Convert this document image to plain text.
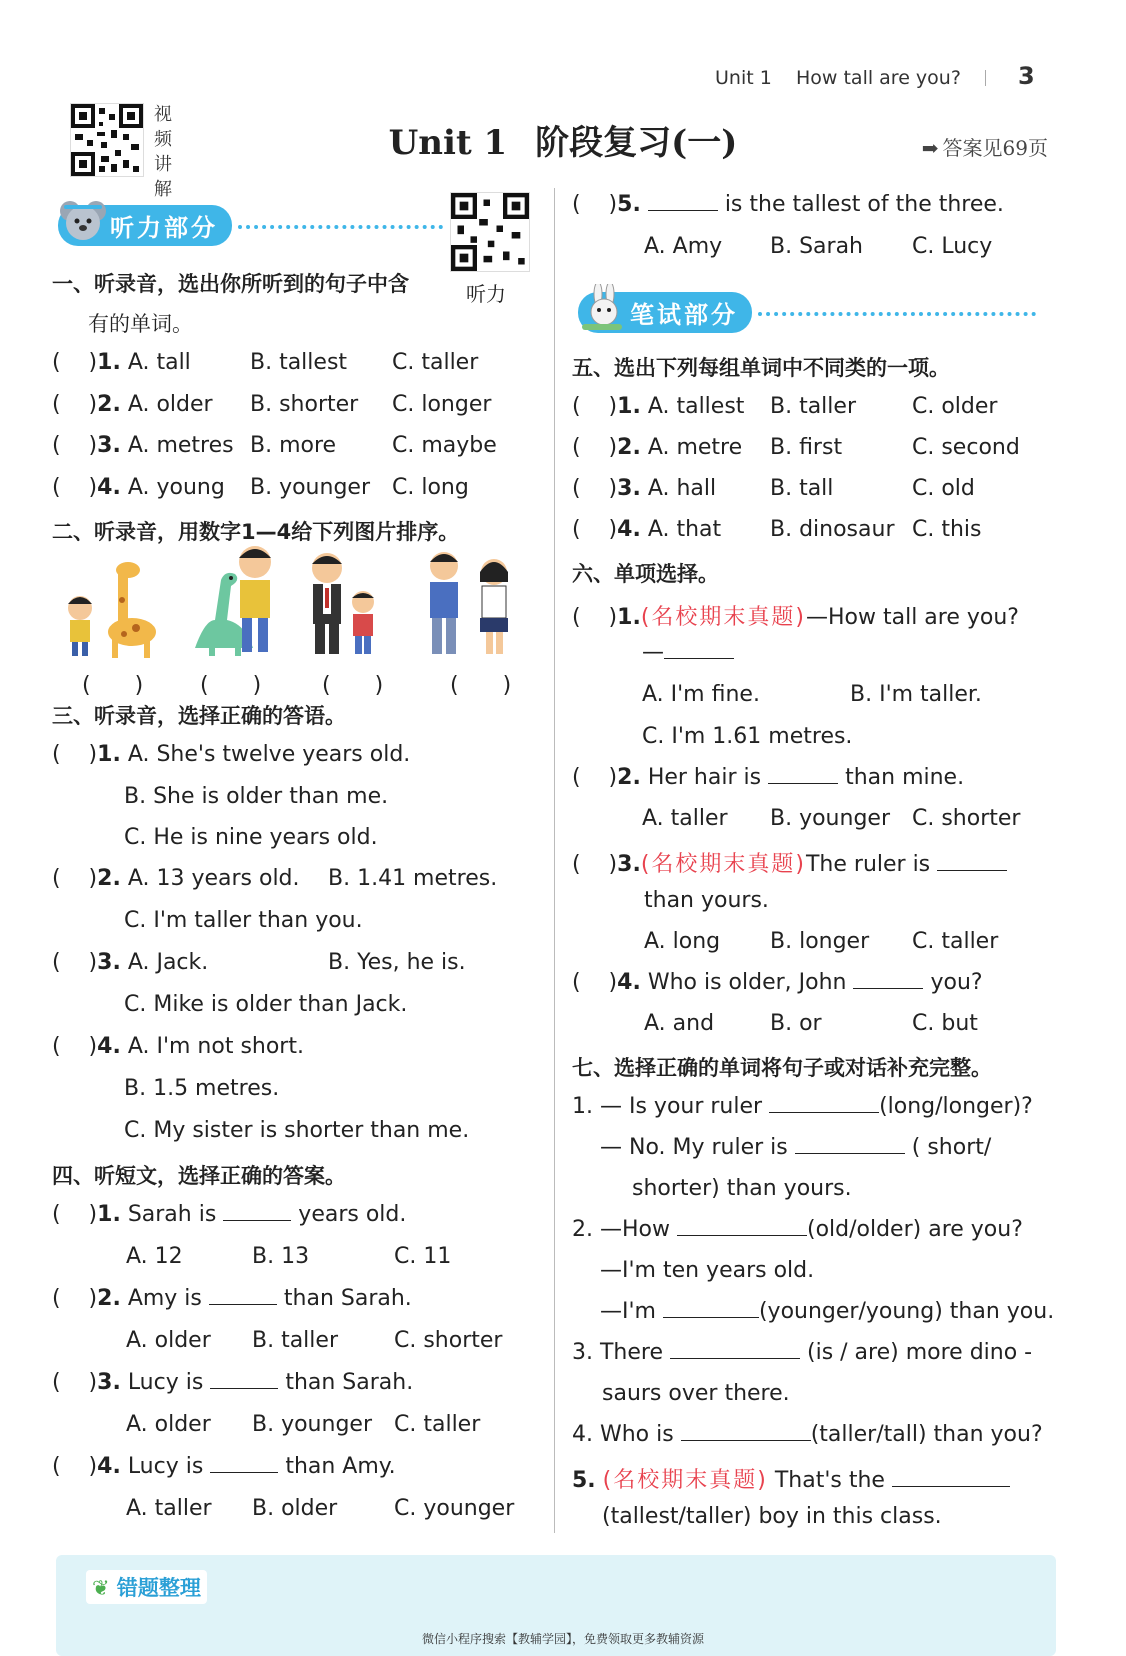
Unit 1 How tall are you? 3
视
频
讲
解
Unit 1 阶段复习(一)	➡ 答案见69页
听力部分
听力
一、听录音，选出你所听到的句子中含
有的单词。
(    )1. A. tall	B. tallest C. taller
(    )2. A. older B. shorter C. longer
(    )3. A. metres B. more	C. maybe
(    )4. A. young B. younger C. long
二、听录音，用数字1—4给下列图片排序。
(　　)	(　　)	(　　)	(　　)
三、听录音，选择正确的答语。
(    )1. A. She's twelve years old.
B. She is older than me.
C. He is nine years old.
(    )2. A. 13 years old. B. 1.41 metres.
C. I'm taller than you.
(    )3. A. Jack.	B. Yes, he is.
C. Mike is older than Jack.
(    )4. A. I'm not short.
B. 1.5 metres.
C. My sister is shorter than me.
四、听短文，选择正确的答案。
(    )1. Sarah is	years old.
A. 12	B. 13	C. 11
(    )2. Amy is	than Sarah.
A. older B. taller	C. shorter
(    )3. Lucy is	than Sarah.
A. older B. younger C. taller
(    )4. Lucy is	than Amy.
A. taller B. older	C. younger
(    )5.	is the tallest of the three.
A. Amy B. Sarah C. Lucy
笔试部分
五、选出下列每组单词中不同类的一项。
(    )1. A. tallest B. taller	C. older
(    )2. A. metre B. first	C. second
(    )3. A. hall B. tall	C. old
(    )4. A. that B. dinosaur C. this
六、单项选择。
(    )1.(名校期末真题)—How tall are you?
—
A. I'm fine.	B. I'm taller.
C. I'm 1.61 metres.
(    )2. Her hair is	than mine.
A. taller B. younger C. shorter
(    )3.(名校期末真题)The ruler is
than yours.
A. long B. longer C. taller
(    )4. Who is older, John	you?
A. and	B. or	C. but
七、选择正确的单词将句子或对话补充完整。
1. — Is your ruler	(long/longer)?
— No. My ruler is	( short/
shorter) than yours.
2. —How	(old/older) are you?
—I'm ten years old.
—I'm	(younger/young) than you.
3. There	(is / are) more dino -
saurs over there.
4. Who is	(taller/tall) than you?
5. (名校期末真题) That's the
(tallest/taller) boy in this class.
❦ 错题整理
微信小程序搜索【教辅学园】，免费领取更多教辅资源
